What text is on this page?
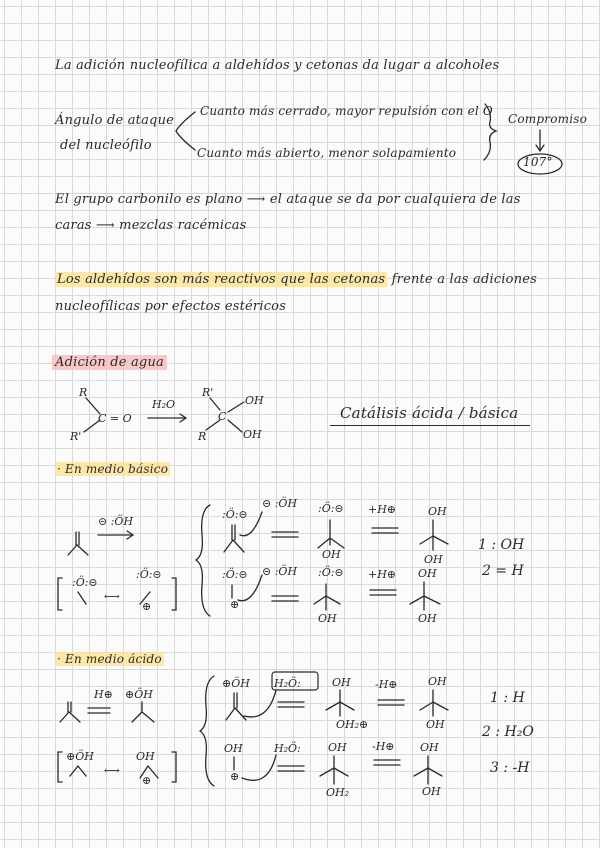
La adición nucleofílica a aldehídos y cetonas da lugar a alcoholes
Ángulo de ataque
del nucleófilo
Cuanto más cerrado, mayor repulsión con el O
Cuanto más abierto, menor solapamiento
Compromiso
107°
El grupo carbonilo es plano ⟶ el ataque se da por cualquiera de las
caras ⟶ mezclas racémicas
Los aldehídos son más reactivos que las cetonas frente a las adiciones
nucleofílicas por efectos estéricos
Adición de agua
Catálisis ácida / básica
· En medio básico
· En medio ácido
R
C = O
R'
H₂O
R'
R
C
OH
OH
⊝ :ÖH
:Ö:⊝
⊝ :ÖH :Ö:⊝
OH
+H⊕	OH
OH
1 : OH
2 = H
:Ö:⊝
⟷
:Ö:⊝
⊕
:Ö:⊝
⊕
⊝ :ÖH :Ö:⊝
OH
+H⊕ OH
OH
H⊕ ⊕ÖH
⊕ÖH H₂Ö:	OH
OH₂⊕
-H⊕	OH
OH
1 : H
2 : H₂O
3 : -H
⊕ÖH
⟷
OH
⊕
OH
⊕
H₂Ö: OH
OH₂
-H⊕ OH
OH
